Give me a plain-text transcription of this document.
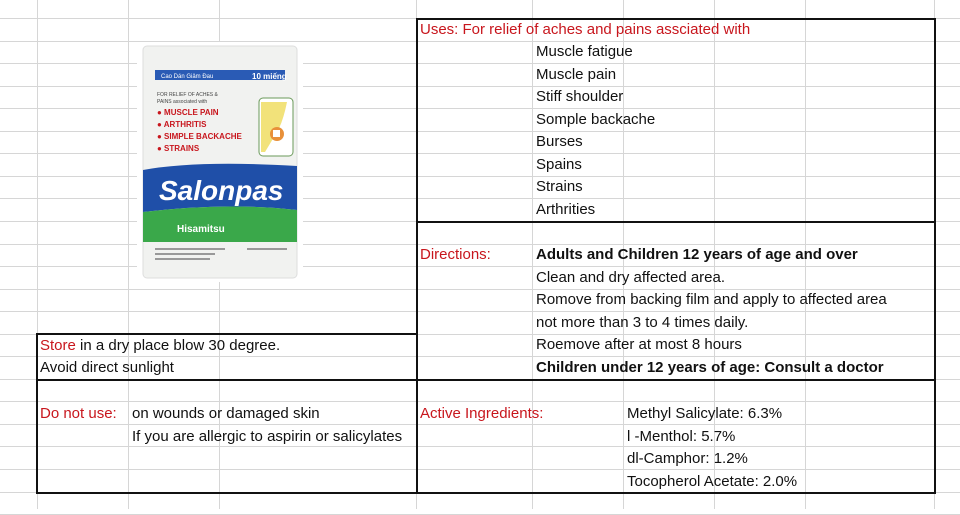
Cao Dán Giảm Đau	10 miếng
FOR RELIEF OF ACHES &
PAINS associated with
● MUSCLE PAIN
● ARTHRITIS
● SIMPLE BACKACHE
● STRAINS
Salonpas
Hisamitsu
Uses: For relief of aches and pains assciated with
Muscle fatigue
Muscle pain
Stiff shoulder
Somple backache
Burses
Spains
Strains
Arthrities
Directions:	Adults and Children 12 years of age and over
Clean and dry affected area.
Romove from backing film and apply to affected area
not more than 3 to 4 times daily.
Roemove after at most 8 hours
Children under 12 years of age: Consult a doctor
Store in a dry place blow 30 degree.
Avoid direct sunlight
Do not use: on wounds or damaged skin
If you are allergic to aspirin or salicylates
Active Ingredients:	Methyl Salicylate: 6.3%
l -Menthol: 5.7%
dl-Camphor: 1.2%
Tocopherol Acetate: 2.0%
